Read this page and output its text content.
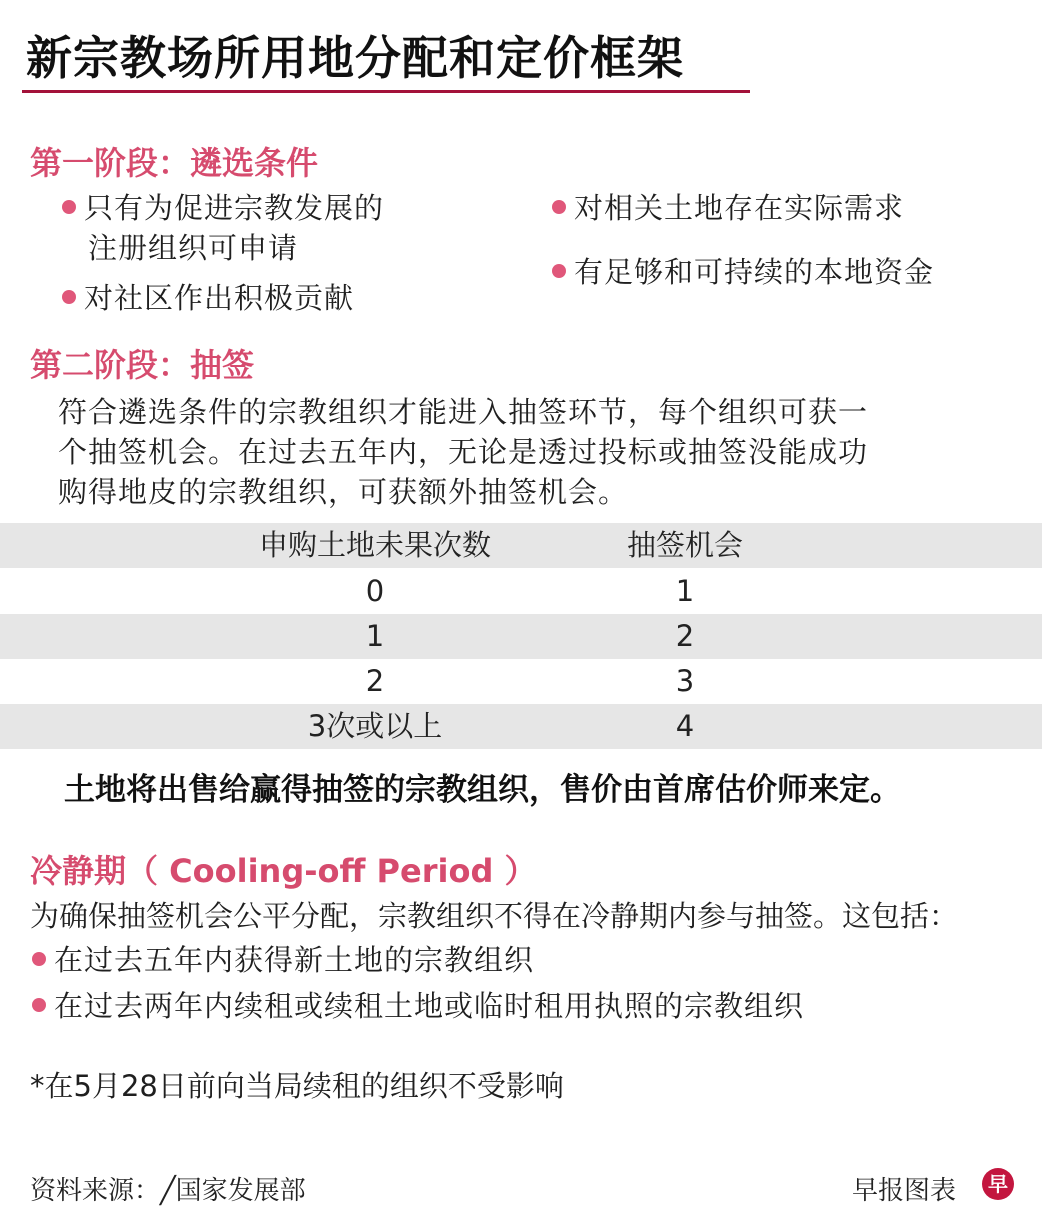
新宗教场所用地分配和定价框架
第一阶段：遴选条件
只有为促进宗教发展的
注册组织可申请
对社区作出积极贡献
对相关土地存在实际需求
有足够和可持续的本地资金
第二阶段：抽签
符合遴选条件的宗教组织才能进入抽签环节，每个组织可获一
个抽签机会。在过去五年内，无论是透过投标或抽签没能成功
购得地皮的宗教组织，可获额外抽签机会。
申购土地未果次数	抽签机会
0	1
1	2
2	3
3次或以上	4
土地将出售给赢得抽签的宗教组织，售价由首席估价师来定。
冷静期（ Cooling-off Period ）
为确保抽签机会公平分配，宗教组织不得在冷静期内参与抽签。这包括：
在过去五年内获得新土地的宗教组织
在过去两年内续租或续租土地或临时租用执照的宗教组织
*在5月28日前向当局续租的组织不受影响
资料来源：╱国家发展部	早报图表	早
